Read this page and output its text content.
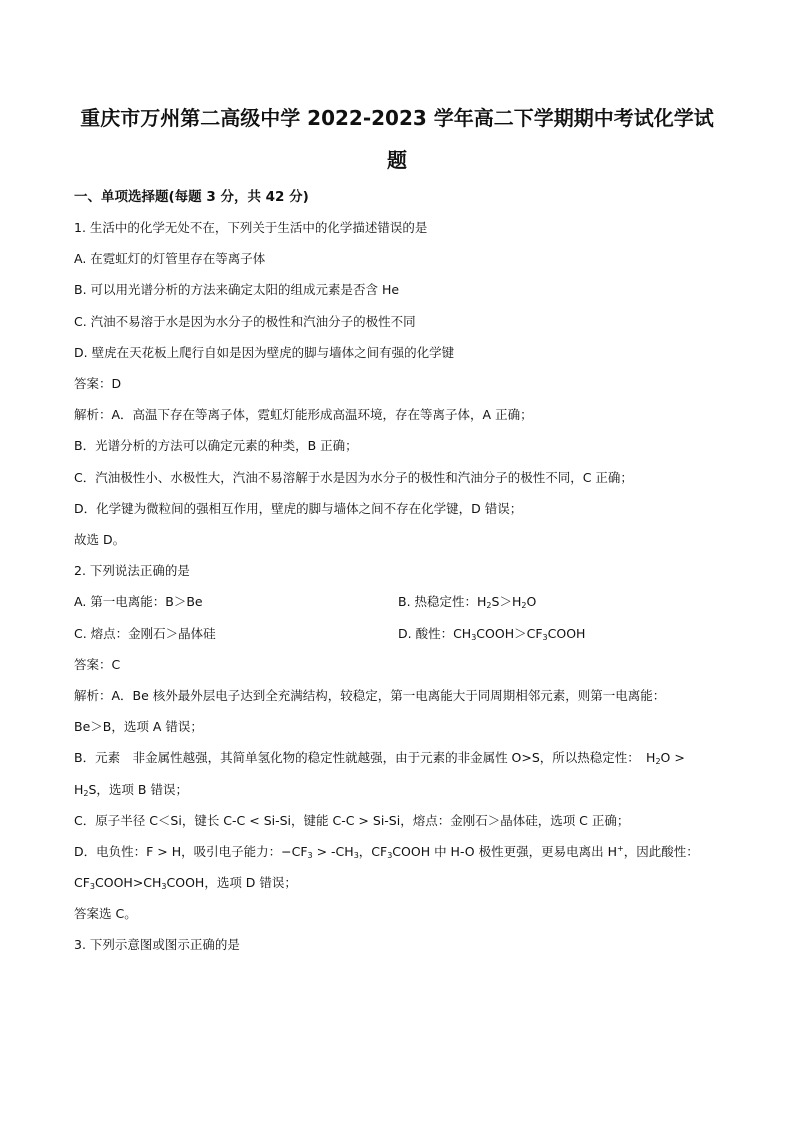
重庆市万州第二高级中学 2022-2023 学年高二下学期期中考试化学试
题
一、单项选择题(每题 3 分，共 42 分)
1. 生活中的化学无处不在，下列关于生活中的化学描述错误的是
A. 在霓虹灯的灯管里存在等离子体
B. 可以用光谱分析的方法来确定太阳的组成元素是否含 He
C. 汽油不易溶于水是因为水分子的极性和汽油分子的极性不同
D. 壁虎在天花板上爬行自如是因为壁虎的脚与墙体之间有强的化学键
答案：D
解析：A．高温下存在等离子体，霓虹灯能形成高温环境，存在等离子体，A 正确；
B．光谱分析的方法可以确定元素的种类，B 正确；
C．汽油极性小、水极性大，汽油不易溶解于水是因为水分子的极性和汽油分子的极性不同，C 正确；
D．化学键为微粒间的强相互作用，壁虎的脚与墙体之间不存在化学键，D 错误；
故选 D。
2. 下列说法正确的是
A. 第一电离能：B＞Be	B. 热稳定性：$H_2S>H_2O$
C. 熔点：金刚石＞晶体硅	D. 酸性：$CH_3COOH>CF_3COOH$
答案：C
解析：A．Be 核外最外层电子达到全充满结构，较稳定，第一电离能大于同周期相邻元素，则第一电离能：
Be＞B，选项 A 错误；
B．元素　非金属性越强，其简单氢化物的稳定性就越强，由于元素的非金属性 O>S，所以热稳定性：　$H_2O$ >
$H_2S$，选项 B 错误；
C．原子半径 C＜Si，键长 C-C < Si-Si，键能 C-C > Si-Si，熔点：金刚石＞晶体硅，选项 C 正确；
D．电负性：F > H，吸引电子能力：$-CF_3 > -CH_3$，$CF_3COOH$ 中 H-O 极性更强，更易电离出 H+，因此酸性：
$CF_3COOH>CH_3COOH$，选项 D 错误；
答案选 C。
3. 下列示意图或图示正确的是
